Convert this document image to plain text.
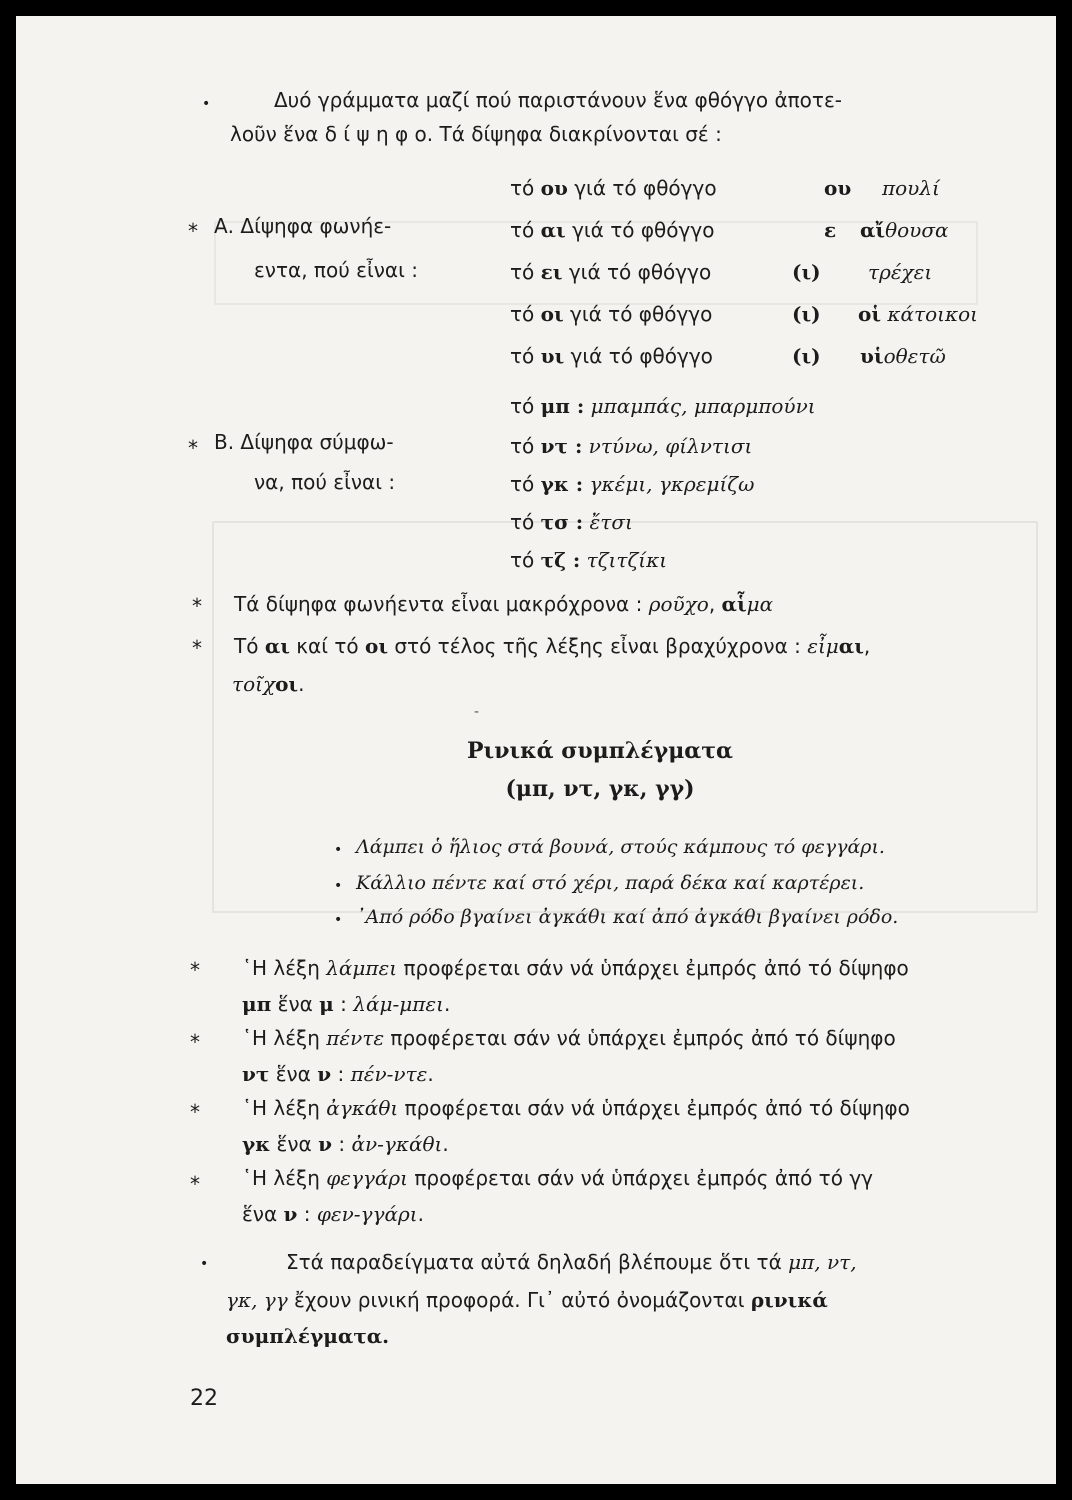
•	Δυό γράμματα μαζί πού παριστάνουν ἕνα φθόγγο ἀποτε-
λοῦν ἕνα δ ί ψ η φ ο. Τά δίψηφα διακρίνονται σέ :
* Α. Δίψηφα φωνήε-
εντα, πού εἶναι :
τό ου γιά τό φθόγγο	ου πουλί
τό αι γιά τό φθόγγο	ε αἴθουσα
τό ει γιά τό φθόγγο	(ι) τρέχει
τό οι γιά τό φθόγγο	(ι) οἱ κάτοικοι
τό υι γιά τό φθόγγο	(ι) υἱοθετῶ
* Β. Δίψηφα σύμφω-
να, πού εἶναι :
τό μπ : μπαμπάς, μπαρμπούνι
τό ντ : ντύνω, φίλντισι
τό γκ : γκέμι, γκρεμίζω
τό τσ : ἔτσι
τό τζ : τζιτζίκι
* Τά δίψηφα φωνήεντα εἶναι μακρόχρονα : ροῦχο, αἷμα
* Τό αι καί τό οι στό τέλος τῆς λέξης εἶναι βραχύχρονα : εἶμαι,
τοῖχοι.
-
Ρινικά συμπλέγματα
(μπ, ντ, γκ, γγ)
• Λάμπει ὁ ἥλιος στά βουνά, στούς κάμπους τό φεγγάρι.
• Κάλλιο πέντε καί στό χέρι, παρά δέκα καί καρτέρει.
• ᾿Από ρόδο βγαίνει ἀγκάθι καί ἀπό ἀγκάθι βγαίνει ρόδο.
* ῾Η λέξη λάμπει προφέρεται σάν νά ὑπάρχει ἐμπρός ἀπό τό δίψηφο
μπ ἕνα μ : λάμ-μπει.
* ῾Η λέξη πέντε προφέρεται σάν νά ὑπάρχει ἐμπρός ἀπό τό δίψηφο
ντ ἕνα ν : πέν-ντε.
* ῾Η λέξη ἀγκάθι προφέρεται σάν νά ὑπάρχει ἐμπρός ἀπό τό δίψηφο
γκ ἕνα ν : ἀν-γκάθι.
* ῾Η λέξη φεγγάρι προφέρεται σάν νά ὑπάρχει ἐμπρός ἀπό τό γγ
ἕνα ν : φεν-γγάρι.
•	Στά παραδείγματα αὐτά δηλαδή βλέπουμε ὅτι τά μπ, ντ,
γκ, γγ ἔχουν ρινική προφορά. Γι᾿ αὐτό ὀνομάζονται ρινικά
συμπλέγματα.
22
